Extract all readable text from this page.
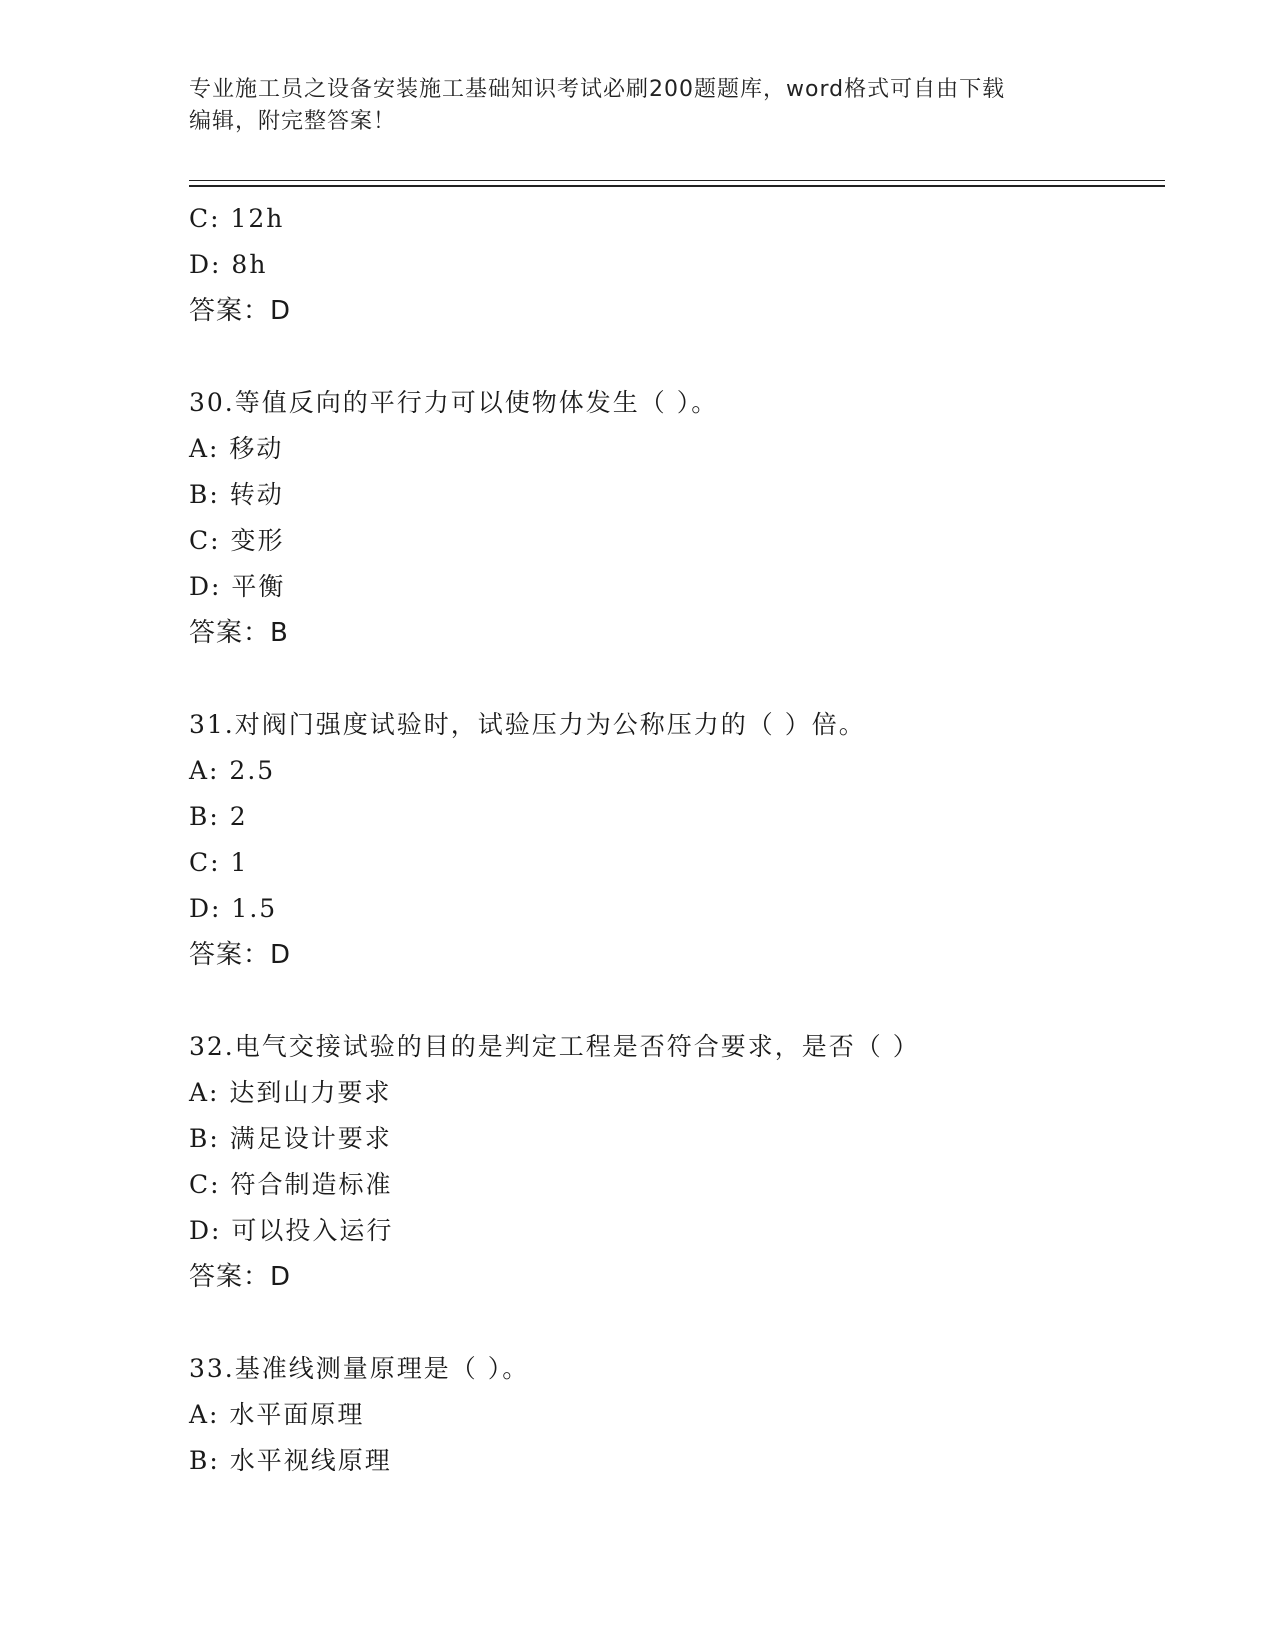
专业施工员之设备安装施工基础知识考试必刷200题题库，word格式可自由下载
编辑，附完整答案！
C: 12h
D: 8h
答案：D
30.等值反向的平行力可以使物体发生（ ）。
A: 移动
B: 转动
C: 变形
D: 平衡
答案：B
31.对阀门强度试验时，试验压力为公称压力的（ ）倍。
A: 2.5
B: 2
C: 1
D: 1.5
答案：D
32.电气交接试验的目的是判定工程是否符合要求，是否（ ）
A: 达到山力要求
B: 满足设计要求
C: 符合制造标准
D: 可以投入运行
答案：D
33.基准线测量原理是（ ）。
A: 水平面原理
B: 水平视线原理
